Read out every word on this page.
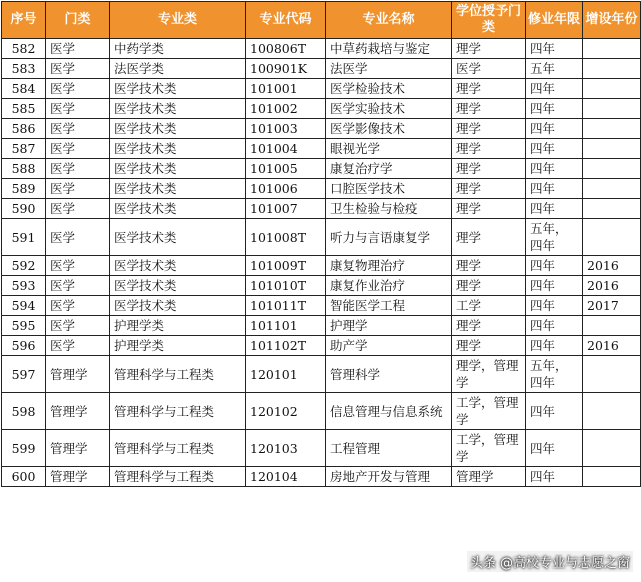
序号	门类	专业类	专业代码	专业名称	学位授予门类	修业年限	增设年份
582	医学	中药学类	100806T	中草药栽培与鉴定	理学	四年	
583	医学	法医学类	100901K	法医学	医学	五年	
584	医学	医学技术类	101001	医学检验技术	理学	四年	
585	医学	医学技术类	101002	医学实验技术	理学	四年	
586	医学	医学技术类	101003	医学影像技术	理学	四年	
587	医学	医学技术类	101004	眼视光学	理学	四年	
588	医学	医学技术类	101005	康复治疗学	理学	四年	
589	医学	医学技术类	101006	口腔医学技术	理学	四年	
590	医学	医学技术类	101007	卫生检验与检疫	理学	四年	
591	医学	医学技术类	101008T	听力与言语康复学	理学	五年，四年	
592	医学	医学技术类	101009T	康复物理治疗	理学	四年	2016
593	医学	医学技术类	101010T	康复作业治疗	理学	四年	2016
594	医学	医学技术类	101011T	智能医学工程	工学	四年	2017
595	医学	护理学类	101101	护理学	理学	四年	
596	医学	护理学类	101102T	助产学	理学	四年	2016
597	管理学	管理科学与工程类	120101	管理科学	理学，管理学	五年，四年	
598	管理学	管理科学与工程类	120102	信息管理与信息系统	工学，管理学	四年	
599	管理学	管理科学与工程类	120103	工程管理	工学，管理学	四年	
600	管理学	管理科学与工程类	120104	房地产开发与管理	管理学	四年	
头条 @高校专业与志愿之窗
